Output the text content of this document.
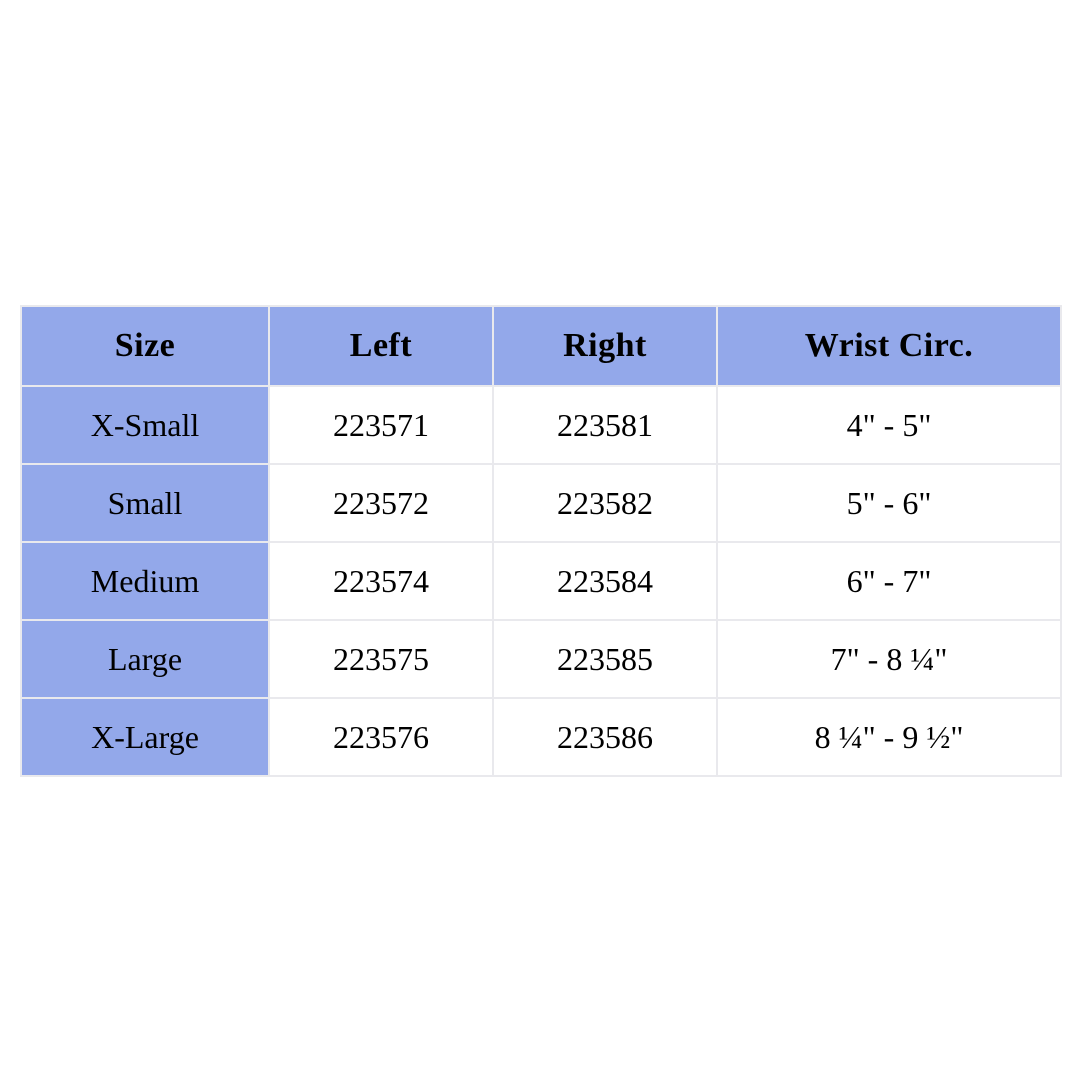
Size	Left	Right	Wrist Circ.
X-Small	223571	223581	4" - 5"
Small	223572	223582	5" - 6"
Medium	223574	223584	6" - 7"
Large	223575	223585	7" - 8 ¼"
X-Large	223576	223586	8 ¼" - 9 ½"
